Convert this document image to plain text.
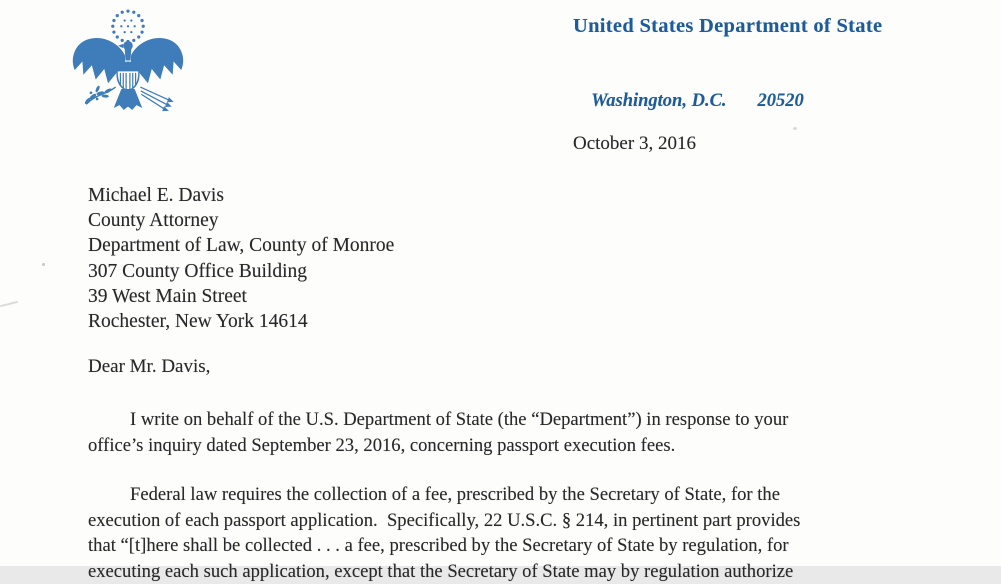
United States Department of State

Washington, D.C. 20520

October 3, 2016
Michael E. Davis
County Attorney
Department of Law, County of Monroe
307 County Office Building
39 West Main Street
Rochester, New York 14614
Dear Mr. Davis,
I write on behalf of the U.S. Department of State (the “Department”) in response to your
office’s inquiry dated September 23, 2016, concerning passport execution fees.
Federal law requires the collection of a fee, prescribed by the Secretary of State, for the
execution of each passport application.  Specifically, 22 U.S.C. § 214, in pertinent part provides
that “[t]here shall be collected . . . a fee, prescribed by the Secretary of State by regulation, for
executing each such application, except that the Secretary of State may by regulation authorize
